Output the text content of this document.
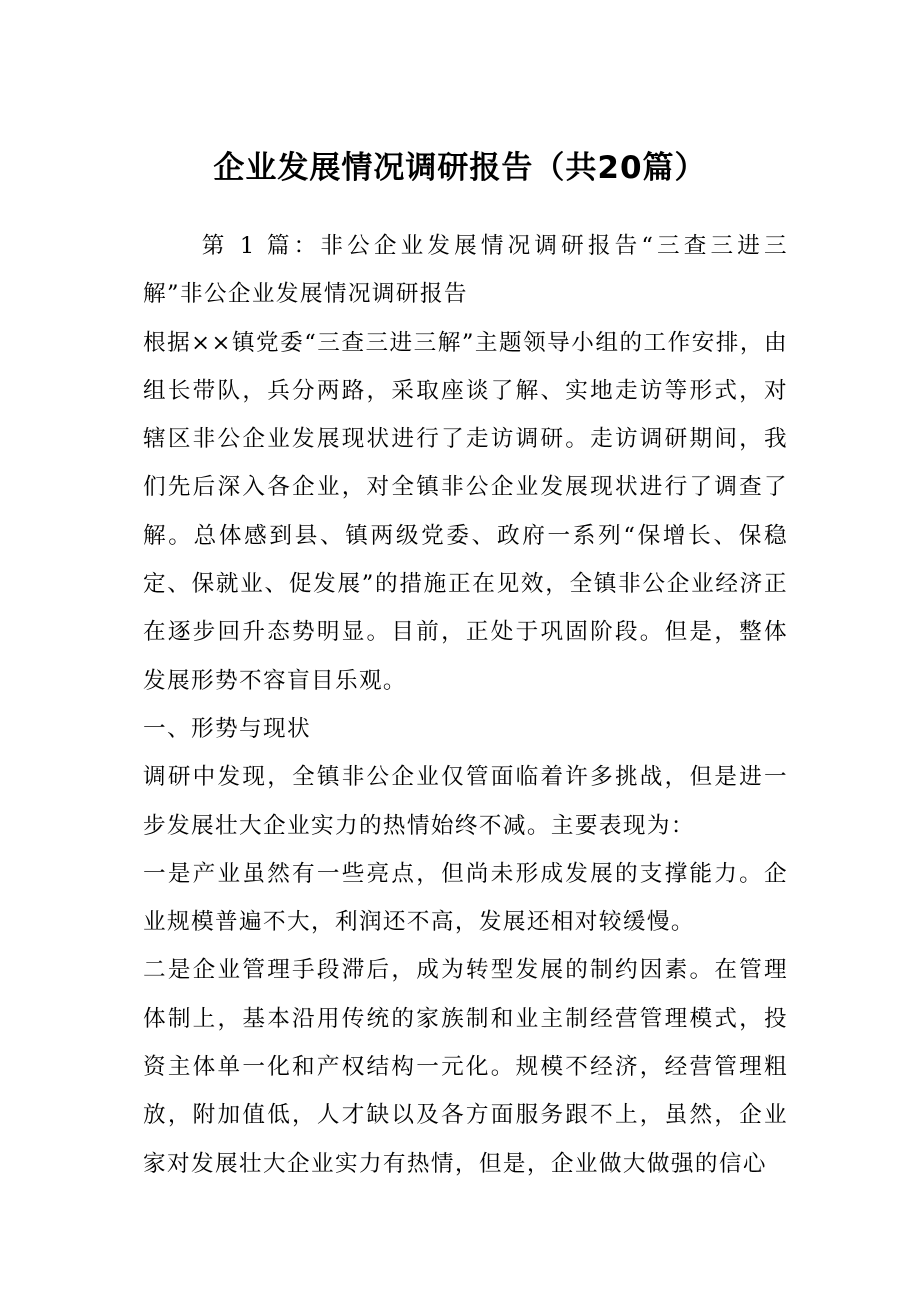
企业发展情况调研报告（共20篇）

第 1 篇：非公企业发展情况调研报告“三查三进三解”非公企业发展情况调研报告

根据××镇党委“三查三进三解”主题领导小组的工作安排，由组长带队，兵分两路，采取座谈了解、实地走访等形式，对辖区非公企业发展现状进行了走访调研。走访调研期间，我们先后深入各企业，对全镇非公企业发展现状进行了调查了解。总体感到县、镇两级党委、政府一系列“保增长、保稳定、保就业、促发展”的措施正在见效，全镇非公企业经济正在逐步回升态势明显。目前，正处于巩固阶段。但是，整体发展形势不容盲目乐观。

一、形势与现状

调研中发现，全镇非公企业仅管面临着许多挑战，但是进一步发展壮大企业实力的热情始终不减。主要表现为：

一是产业虽然有一些亮点，但尚未形成发展的支撑能力。企业规模普遍不大，利润还不高，发展还相对较缓慢。

二是企业管理手段滞后，成为转型发展的制约因素。在管理体制上，基本沿用传统的家族制和业主制经营管理模式，投资主体单一化和产权结构一元化。规模不经济，经营管理粗放，附加值低，人才缺以及各方面服务跟不上，虽然，企业家对发展壮大企业实力有热情，但是，企业做大做强的信心
